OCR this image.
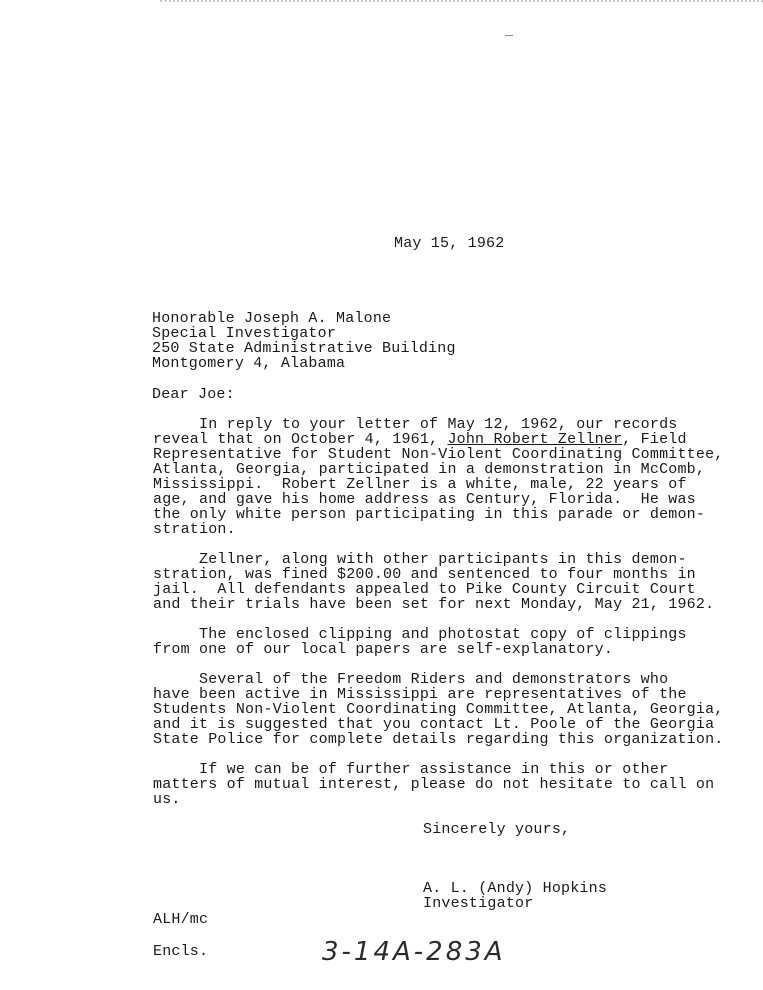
May 15, 1962
Honorable Joseph A. Malone
Special Investigator
250 State Administrative Building
Montgomery 4, Alabama
Dear Joe:
In reply to your letter of May 12, 1962, our records
reveal that on October 4, 1961, John Robert Zellner, Field
Representative for Student Non-Violent Coordinating Committee,
Atlanta, Georgia, participated in a demonstration in McComb,
Mississippi.  Robert Zellner is a white, male, 22 years of
age, and gave his home address as Century, Florida.  He was
the only white person participating in this parade or demon-
stration.
Zellner, along with other participants in this demon-
stration, was fined $200.00 and sentenced to four months in
jail.  All defendants appealed to Pike County Circuit Court
and their trials have been set for next Monday, May 21, 1962.
The enclosed clipping and photostat copy of clippings
from one of our local papers are self-explanatory.
Several of the Freedom Riders and demonstrators who
have been active in Mississippi are representatives of the
Students Non-Violent Coordinating Committee, Atlanta, Georgia,
and it is suggested that you contact Lt. Poole of the Georgia
State Police for complete details regarding this organization.
If we can be of further assistance in this or other
matters of mutual interest, please do not hesitate to call on
us.
Sincerely yours,
A. L. (Andy) Hopkins
Investigator
ALH/mc
Encls.	3-14A-283A
